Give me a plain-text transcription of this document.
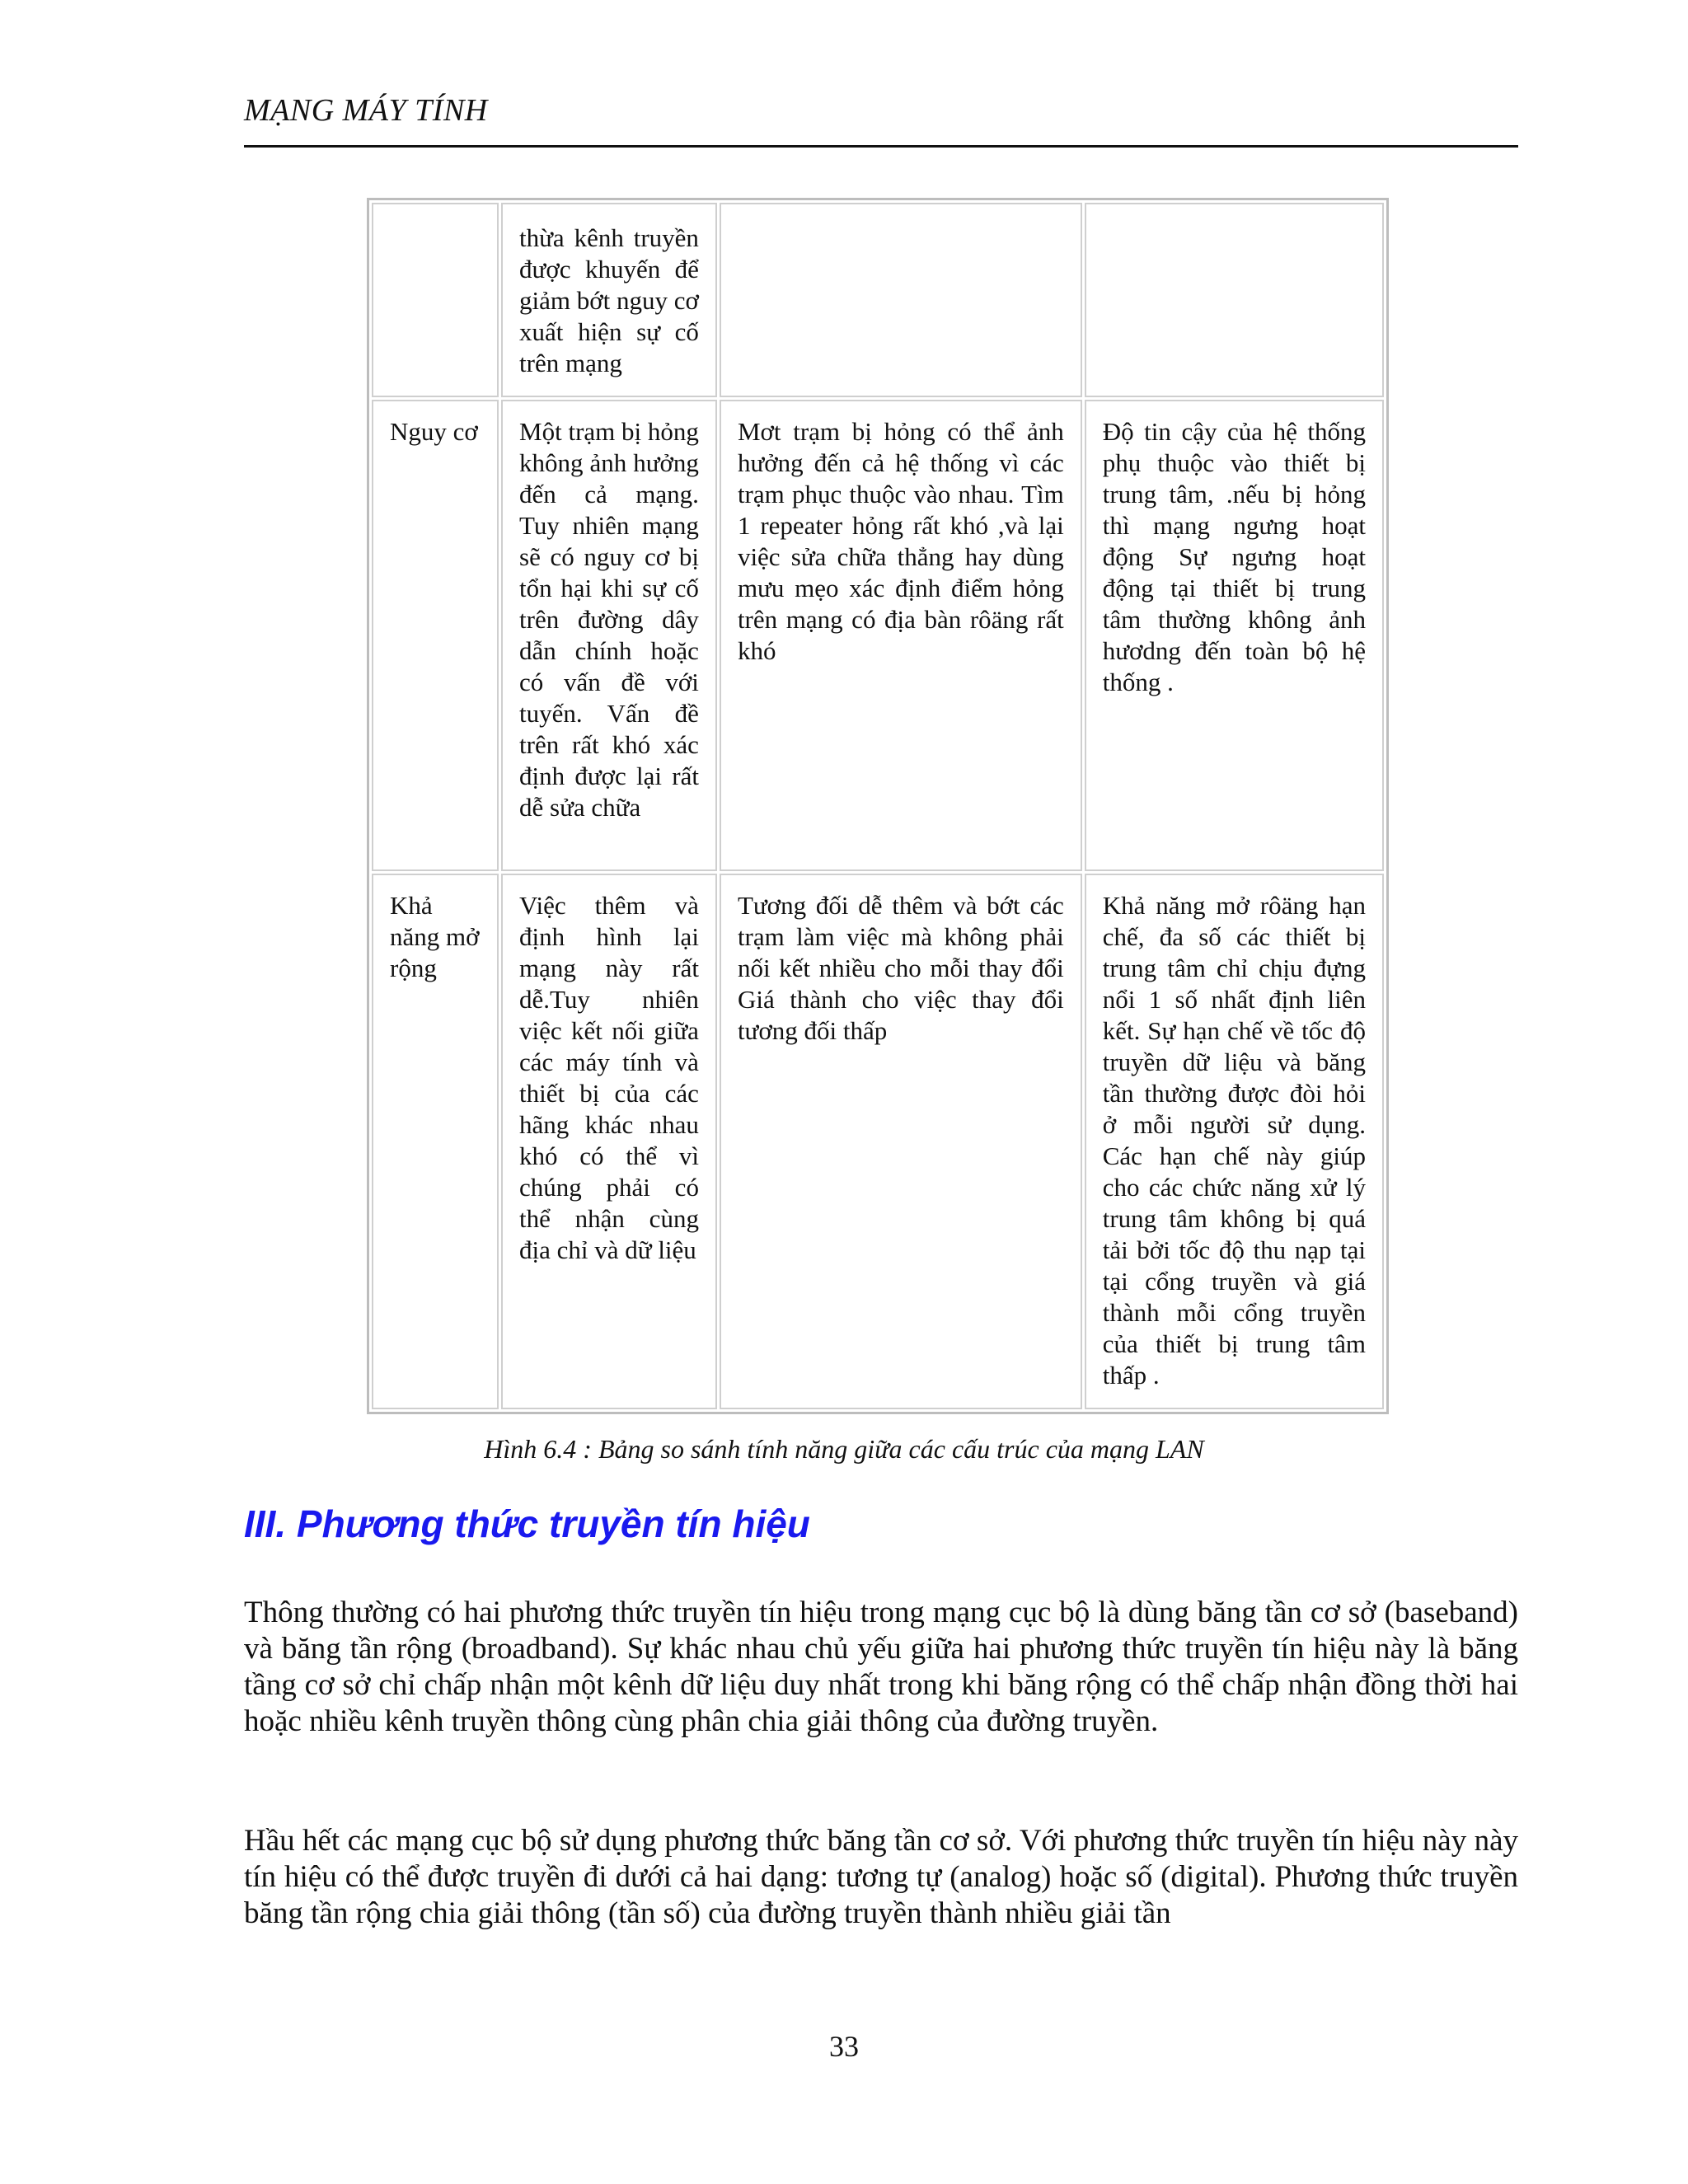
MẠNG MÁY TÍNH
	thừa kênh truyền được khuyến để giảm bớt nguy cơ xuất hiện sự cố trên mạng		
Nguy cơ	Một trạm bị hỏng không ảnh hưởng đến cả mạng. Tuy nhiên mạng sẽ có nguy cơ bị tổn hại khi sự cố trên đường dây dẫn chính hoặc có vấn đề với tuyến. Vấn đề trên rất khó xác định được lại rất dễ sửa chữa	Mơt trạm bị hỏng có thể ảnh hưởng đến cả hệ thống vì các trạm phục thuộc vào nhau. Tìm 1 repeater hỏng rất khó ,và lại việc sửa chữa thẳng hay dùng mưu mẹo xác định điểm hỏng trên mạng có địa bàn rôäng rất khó	Độ tin cậy của hệ thống phụ thuộc vào thiết bị trung tâm, .nếu bị hỏng thì mạng ngưng hoạt động Sự ngưng hoạt động tại thiết bị trung tâm thường không ảnh hươdng đến toàn bộ hệ thống .
Khả năng mở rộng	Việc thêm và định hình lại mạng này rất dễ.Tuy nhiên việc kết nối giữa các máy tính và thiết bị của các hãng khác nhau khó có thể vì chúng phải có thể nhận cùng địa chỉ và dữ liệu	Tương đối dễ thêm và bớt các trạm làm việc mà không phải nối kết nhiều cho mỗi thay đổi Giá thành cho việc thay đổi tương đối thấp	Khả năng mở rôäng hạn chế, đa số các thiết bị trung tâm chỉ chịu đựng nổi 1 số nhất định liên kết. Sự hạn chế về tốc độ truyền dữ liệu và băng tần thường được đòi hỏi ở mỗi người sử dụng. Các hạn chế này giúp cho các chức năng xử lý trung tâm không bị quá tải bởi tốc độ thu nạp tại tại cổng truyền và giá thành mỗi cổng truyền của thiết bị trung tâm thấp .
Hình 6.4 : Bảng so sánh tính năng giữa các cấu trúc của mạng LAN
III. Phương thức truyền tín hiệu

Thông thường có hai phương thức truyền tín hiệu trong mạng cục bộ là dùng băng tần cơ sở (baseband) và băng tần rộng (broadband). Sự khác nhau chủ yếu giữa hai phương thức truyền tín hiệu này là băng tầng cơ sở chỉ chấp nhận một kênh dữ liệu duy nhất trong khi băng rộng có thể chấp nhận đồng thời hai hoặc nhiều kênh truyền thông cùng phân chia giải thông của đường truyền.

Hầu hết các mạng cục bộ sử dụng phương thức băng tần cơ sở. Với phương thức truyền tín hiệu này này tín hiệu có thể được truyền đi dưới cả hai dạng: tương tự (analog) hoặc số (digital). Phương thức truyền băng tần rộng chia giải thông (tần số) của đường truyền thành nhiều giải tần

33
